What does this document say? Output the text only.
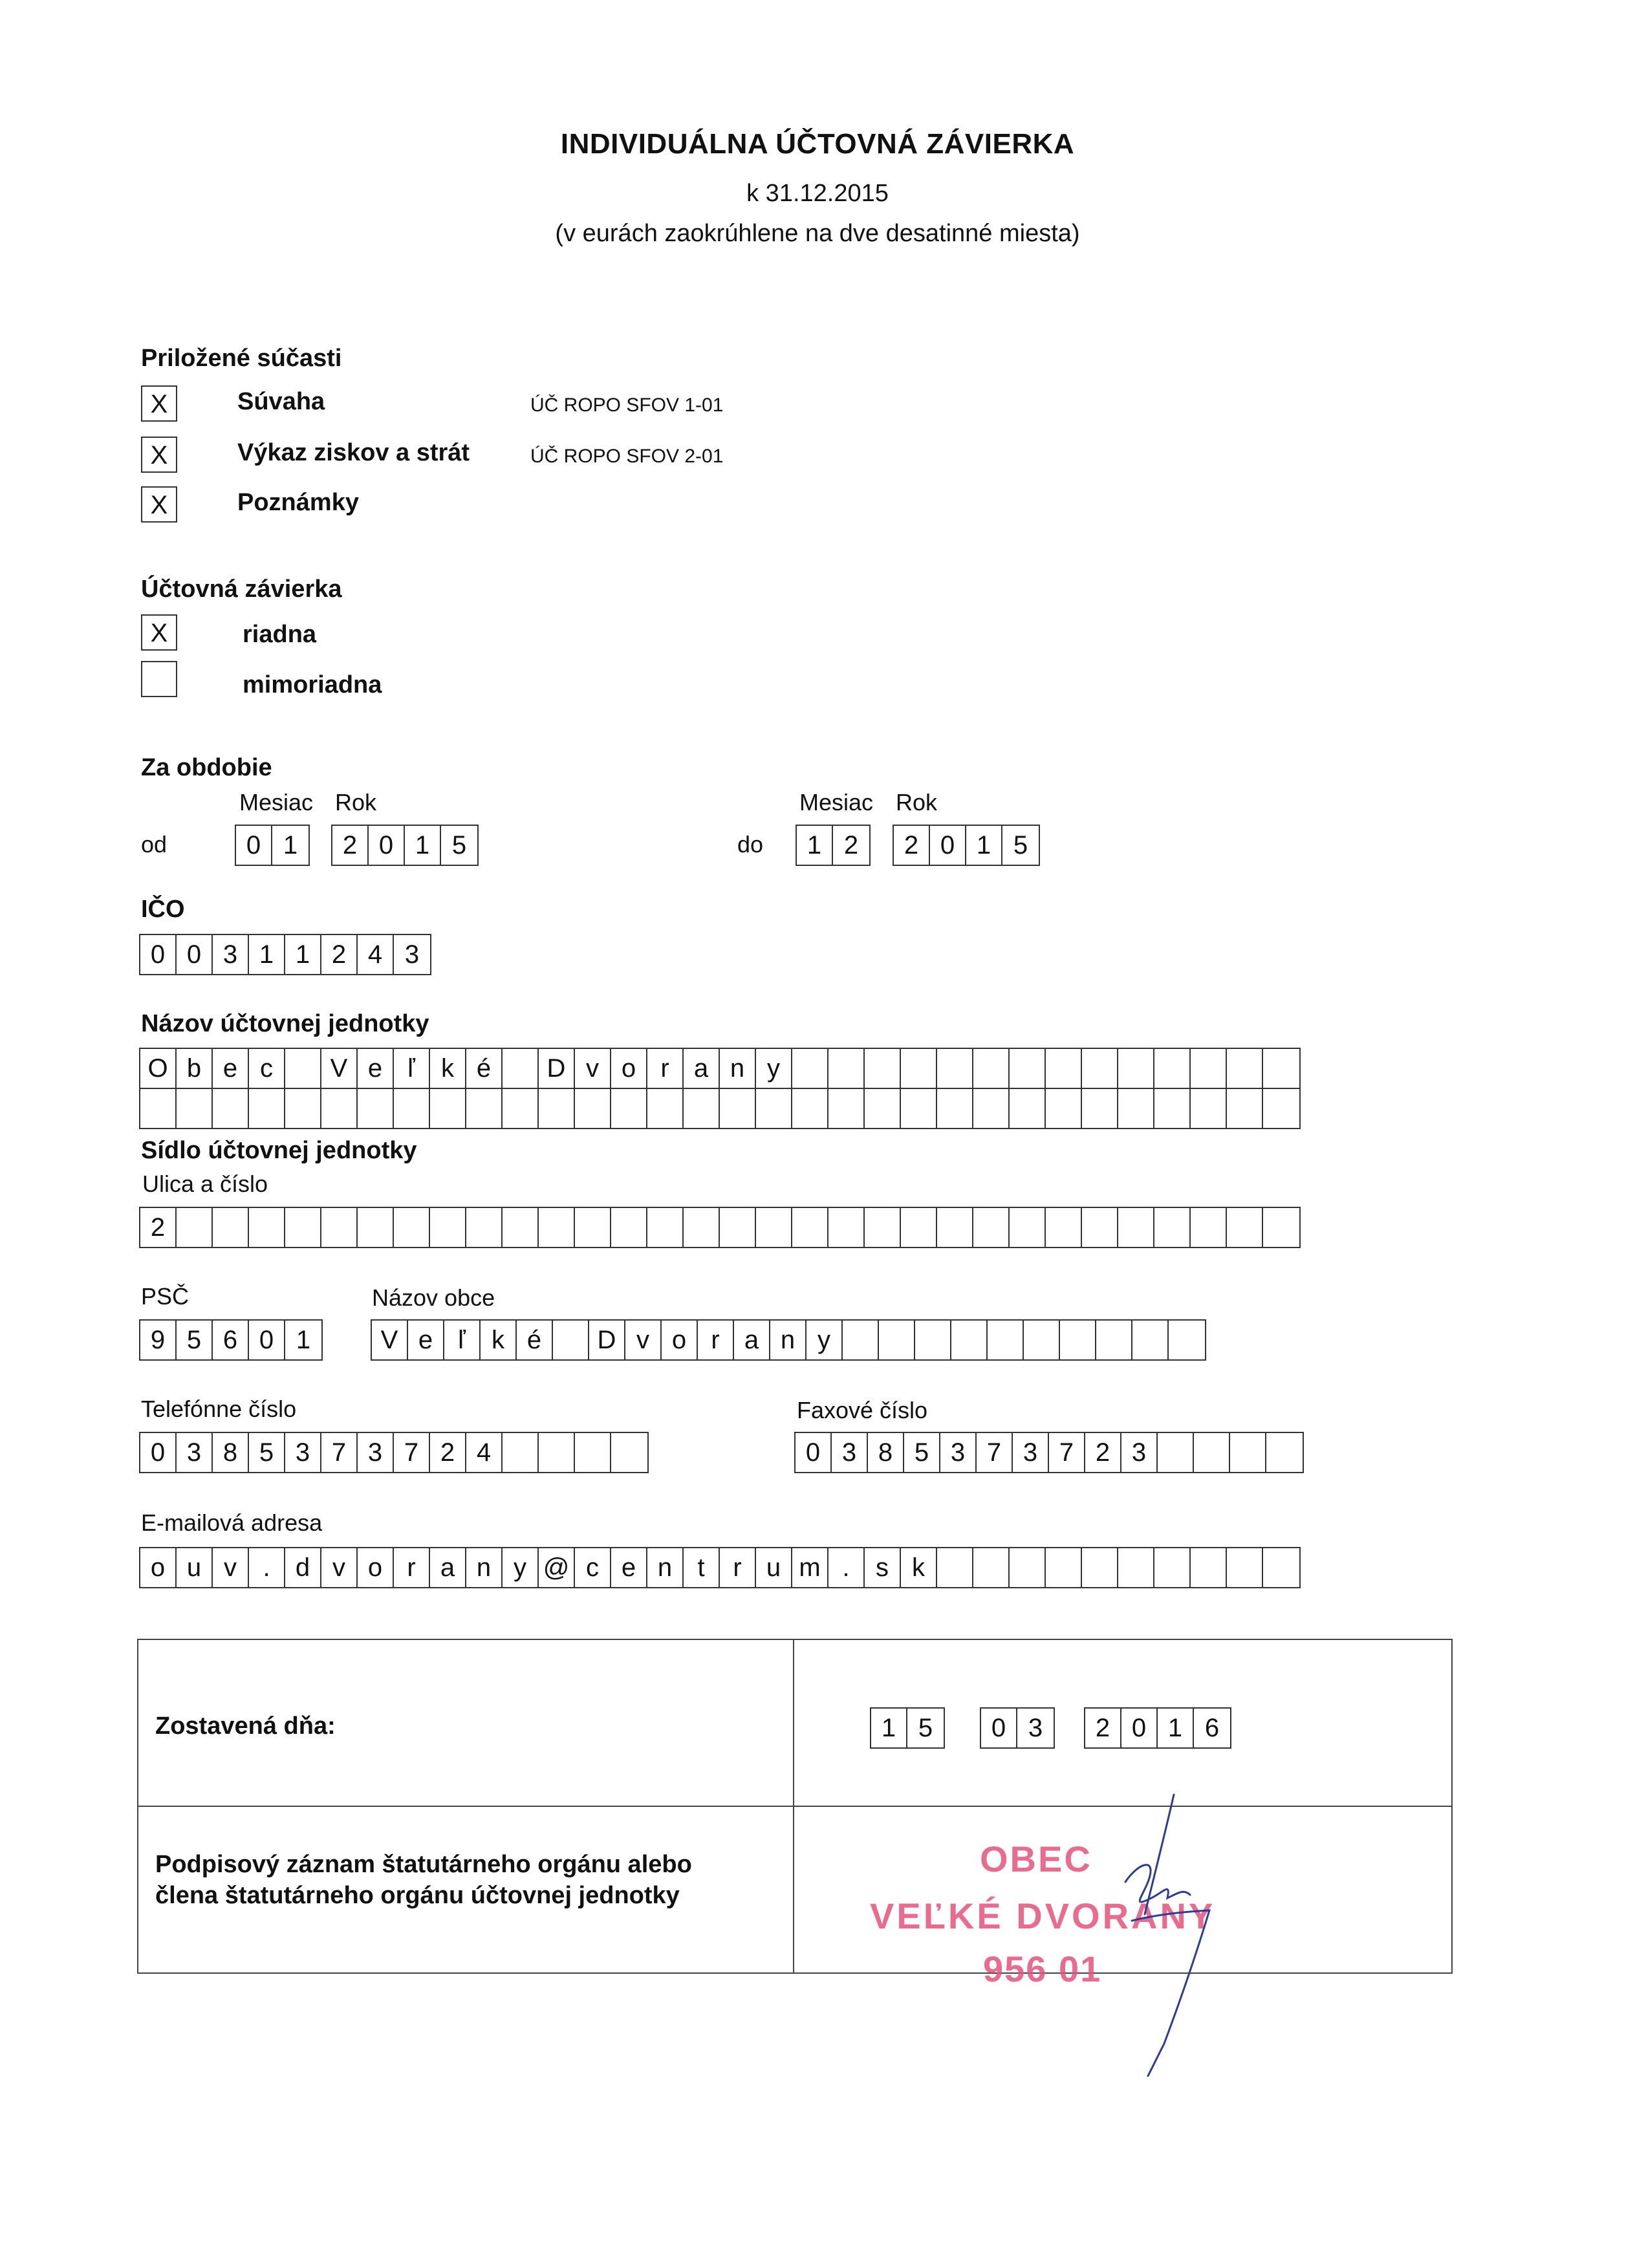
INDIVIDUÁLNA ÚČTOVNÁ ZÁVIERKA
k 31.12.2015
(v eurách zaokrúhlene na dve desatinné miesta)
Priložené súčasti
X	Súvaha	ÚČ ROPO SFOV 1-01
X	Výkaz ziskov a strát	ÚČ ROPO SFOV 2-01
X	Poznámky
Účtovná závierka
X	riadna
mimoriadna
Za obdobie
Mesiac Rok
od	0 1	2 0 1 5
Mesiac Rok
do	1 2	2 0 1 5
IČO
0 0 3 1 1 2 4 3
Názov účtovnej jednotky
O b e c	V e ľ	k é	D v o r a n y
Sídlo účtovnej jednotky
Ulica a číslo
2
PSČ
9 5 6 0 1
Názov obce
V e ľ	k é	D v o r a n y
Telefónne číslo
0 3 8 5 3 7 3 7 2 4
Faxové číslo
0 3 8 5 3 7 3 7 2 3
E-mailová adresa
o u v	. d v o r a n y @ c e n t	r u m .	s k
Zostavená dňa:	1 5	0 3	2 0 1 6
Podpisový záznam štatutárneho orgánu alebo
člena štatutárneho orgánu účtovnej jednotky
OBEC
VEĽKÉ DVORANY
956 01
